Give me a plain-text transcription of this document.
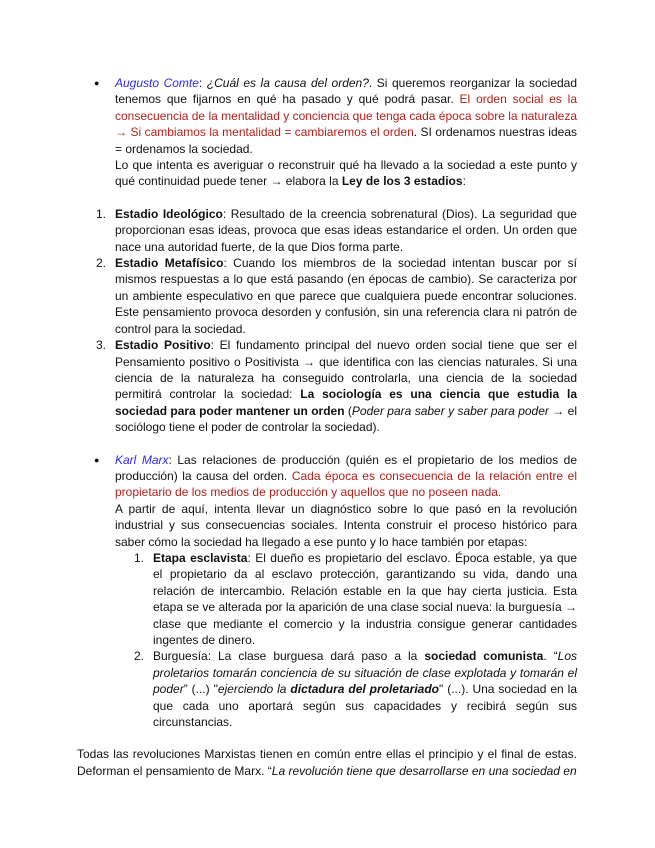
● Augusto Comte: ¿Cuál es la causa del orden?. Si queremos reorganizar la sociedad tenemos que fijarnos en qué ha pasado y qué podrá pasar. El orden social es la consecuencia de la mentalidad y conciencia que tenga cada época sobre la naturaleza → Si cambiamos la mentalidad = cambiaremos el orden. SI ordenamos nuestras ideas = ordenamos la sociedad.

Lo que intenta es averiguar o reconstruir qué ha llevado a la sociedad a este punto y qué continuidad puede tener → elabora la Ley de los 3 estadios:

1. Estadio Ideológico: Resultado de la creencia sobrenatural (Dios). La seguridad que proporcionan esas ideas, provoca que esas ideas estandarice el orden. Un orden que nace una autoridad fuerte, de la que Dios forma parte.
2. Estadio Metafísico: Cuando los miembros de la sociedad intentan buscar por sí mismos respuestas a lo que está pasando (en épocas de cambio). Se caracteriza por un ambiente especulativo en que parece que cualquiera puede encontrar soluciones. Este pensamiento provoca desorden y confusión, sin una referencia clara ni patrón de control para la sociedad.
3. Estadio Positivo: El fundamento principal del nuevo orden social tiene que ser el Pensamiento positivo o Positivista → que identifica con las ciencias naturales. Si una ciencia de la naturaleza ha conseguido controlarla, una ciencia de la sociedad permitirá controlar la sociedad: La sociología es una ciencia que estudia la sociedad para poder mantener un orden (Poder para saber y saber para poder → el sociólogo tiene el poder de controlar la sociedad).
● Karl Marx: Las relaciones de producción (quién es el propietario de los medios de producción) la causa del orden. Cada época es consecuencia de la relación entre el propietario de los medios de producción y aquellos que no poseen nada.

A partir de aquí, intenta llevar un diagnóstico sobre lo que pasó en la revolución industrial y sus consecuencias sociales. Intenta construir el proceso histórico para saber cómo la sociedad ha llegado a ese punto y lo hace también por etapas:

1. Etapa esclavista: El dueño es propietario del esclavo. Época estable, ya que el propietario da al esclavo protección, garantizando su vida, dando una relación de intercambio. Relación estable en la que hay cierta justicia. Esta etapa se ve alterada por la aparición de una clase social nueva: la burguesía → clase que mediante el comercio y la industria consigue generar cantidades ingentes de dinero.
2. Burguesía: La clase burguesa dará paso a la sociedad comunista. “Los proletarios tomarán conciencia de su situación de clase explotada y tomarán el poder” (...) "ejerciendo la dictadura del proletariado" (...). Una sociedad en la que cada uno aportará según sus capacidades y recibirá según sus circunstancias.

Todas las revoluciones Marxistas tienen en común entre ellas el principio y el final de estas. Deforman el pensamiento de Marx. “La revolución tiene que desarrollarse en una sociedad en
